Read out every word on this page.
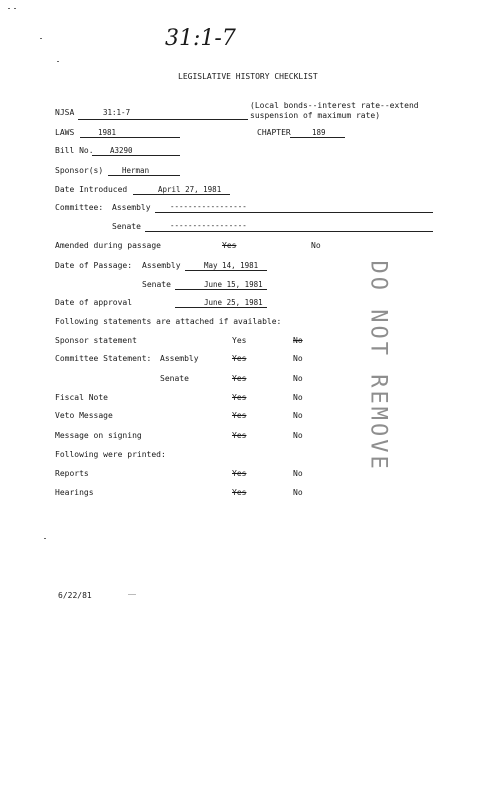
31:1-7
LEGISLATIVE HISTORY CHECKLIST
NJSA	31:1-7
(Local bonds--interest rate--extend suspension of maximum rate)
LAWS	1981	CHAPTER	189
Bill No. A3290
Sponsor(s)	Herman
Date Introduced	April 27, 1981
Committee: Assembly	-----------------
Senate	-----------------
Amended during passage	Yes	No
Date of Passage: Assembly	May 14, 1981
Senate	June 15, 1981
Date of approval	June 25, 1981
Following statements are attached if available:
Sponsor statement	Yes	No
Committee Statement: Assembly	Yes	No
Senate	Yes	No
Fiscal Note	Yes	No
Veto Message	Yes	No
Message on signing	Yes	No
Following were printed:
Reports	Yes	No
Hearings	Yes	No
DO NOT REMOVE
6/22/81
